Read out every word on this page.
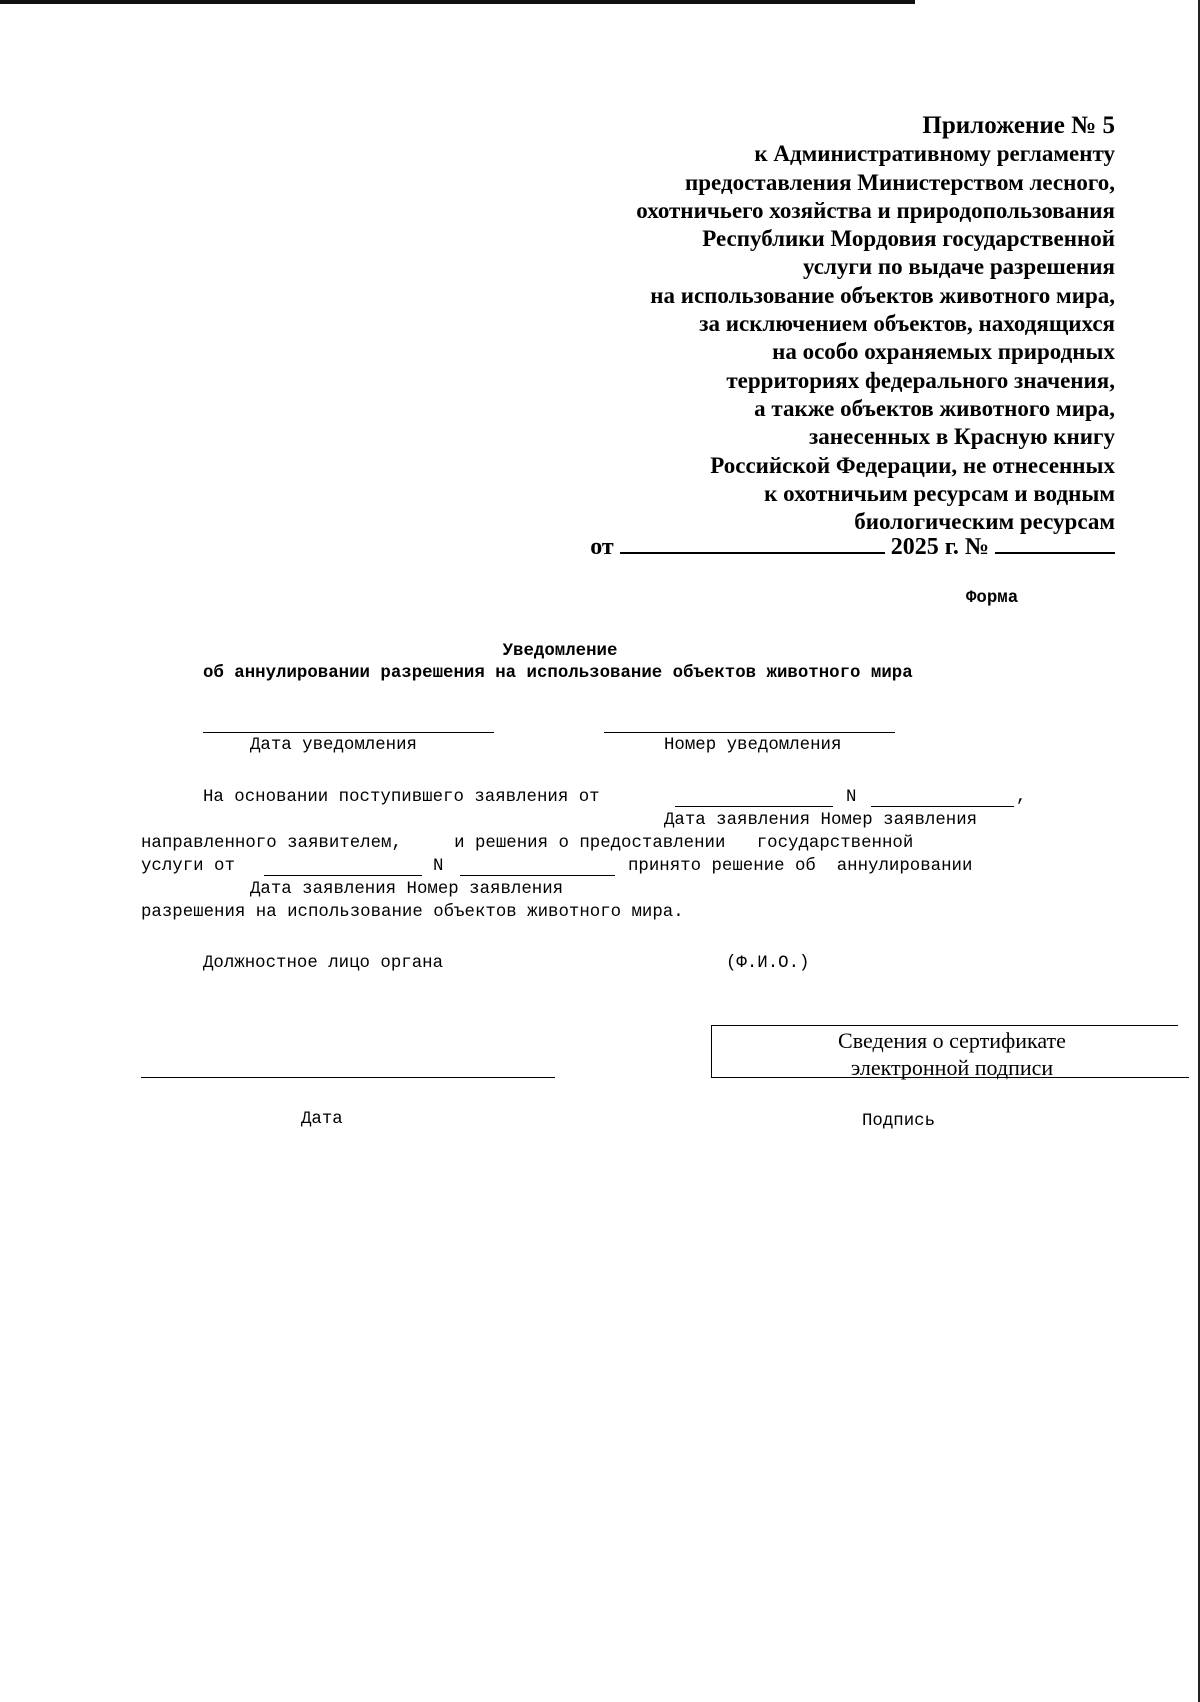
Приложение № 5
к Административному регламенту
предоставления Министерством лесного,
охотничьего хозяйства и природопользования
Республики Мордовия государственной
услуги по выдаче разрешения
на использование объектов животного мира,
за исключением объектов, находящихся
на особо охраняемых природных
территориях федерального значения,
а также объектов животного мира,
занесенных в Красную книгу
Российской Федерации, не отнесенных
к охотничьим ресурсам и водным
биологическим ресурсам
от	2025 г. №
Форма
Уведомление
об аннулировании разрешения на использование объектов животного мира
Дата уведомления	Номер уведомления
На основании поступившего заявления от	N	,
Дата заявления Номер заявления
направленного заявителем,     и решения о предоставлении   государственной
услуги от	N	принято решение об  аннулировании
Дата заявления Номер заявления
разрешения на использование объектов животного мира.
Должностное лицо органа	(Ф.И.О.)
Сведения о сертификате
электронной подписи
Дата	Подпись
